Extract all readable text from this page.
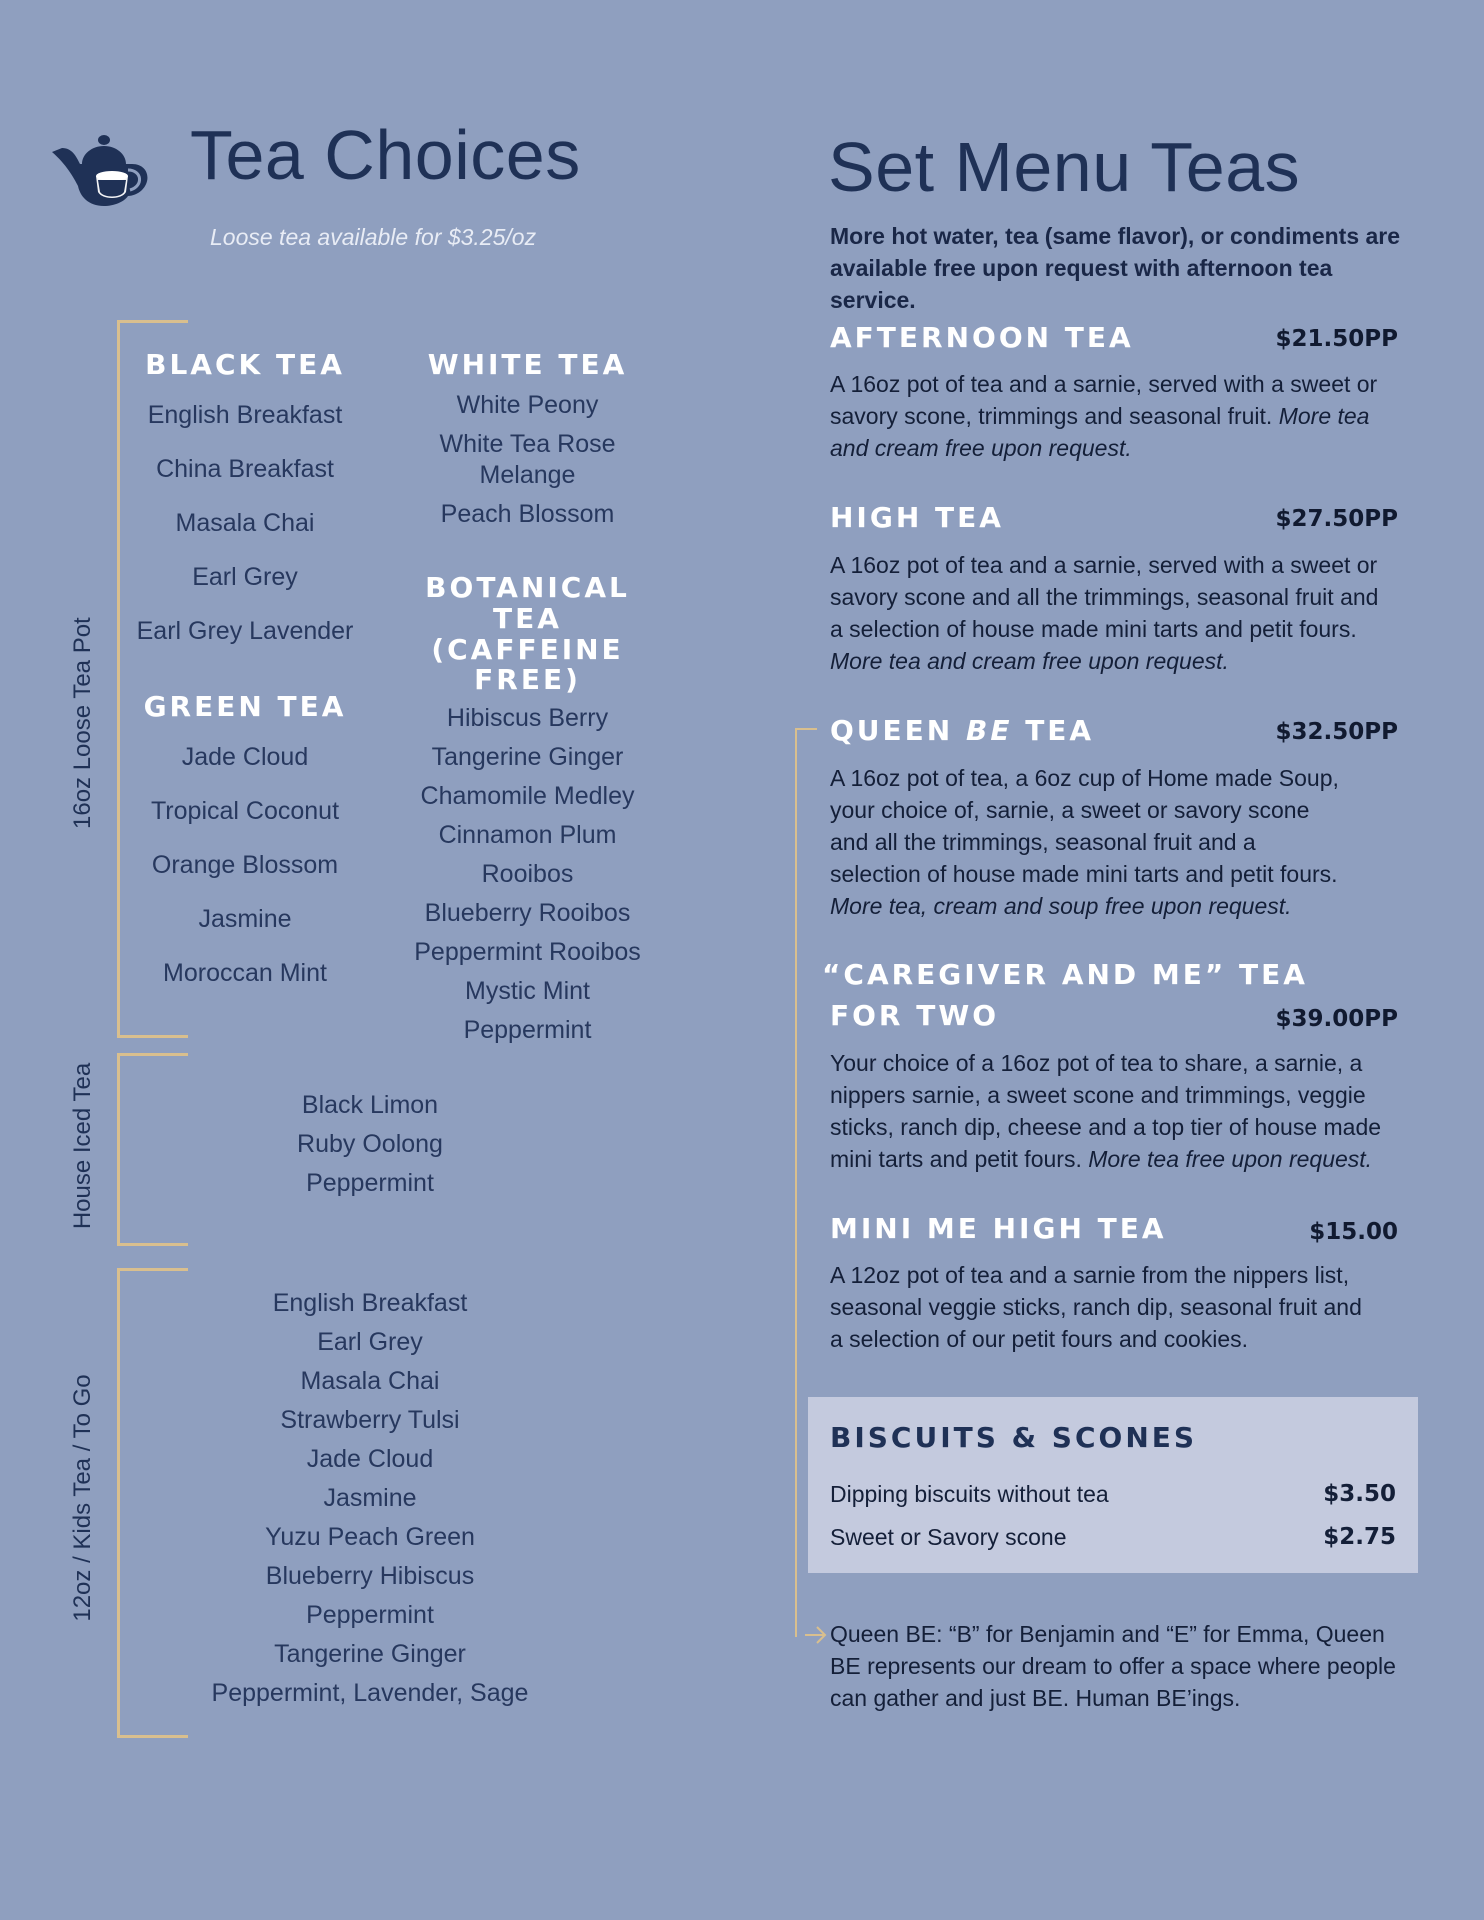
Tea Choices
Loose tea available for $3.25/oz
16oz Loose Tea Pot
BLACK TEA
English Breakfast
China Breakfast
Masala Chai
Earl Grey
Earl Grey Lavender
GREEN TEA
Jade Cloud
Tropical Coconut
Orange Blossom
Jasmine
Moroccan Mint
WHITE TEA
White Peony
White Tea Rose
Melange
Peach Blossom
BOTANICAL TEA
(CAFFEINE FREE)
Hibiscus Berry
Tangerine Ginger
Chamomile Medley
Cinnamon Plum
Rooibos
Blueberry Rooibos
Peppermint Rooibos
Mystic Mint
Peppermint
House Iced Tea	Black Limon
Ruby Oolong
Peppermint
12oz / Kids Tea / To Go
English Breakfast
Earl Grey
Masala Chai
Strawberry Tulsi
Jade Cloud
Jasmine
Yuzu Peach Green
Blueberry Hibiscus
Peppermint
Tangerine Ginger
Peppermint, Lavender, Sage
Set Menu Teas
More hot water, tea (same flavor), or condiments are available free upon request with afternoon tea service.
AFTERNOON TEA	$21.50PP
A 16oz pot of tea and a sarnie, served with a sweet or savory scone, trimmings and seasonal fruit. More tea and cream free upon request.
HIGH TEA	$27.50PP
A 16oz pot of tea and a sarnie, served with a sweet or savory scone and all the trimmings, seasonal fruit and a selection of house made mini tarts and petit fours. More tea and cream free upon request.
QUEEN BE TEA	$32.50PP
A 16oz pot of tea, a 6oz cup of Home made Soup, your choice of, sarnie, a sweet or savory scone and all the trimmings, seasonal fruit and a selection of house made mini tarts and petit fours. More tea, cream and soup free upon request.
“CAREGIVER AND ME” TEA
FOR TWO	$39.00PP
Your choice of a 16oz pot of tea to share, a sarnie, a nippers sarnie, a sweet scone and trimmings, veggie sticks, ranch dip, cheese and a top tier of house made mini tarts and petit fours. More tea free upon request.
MINI ME HIGH TEA	$15.00
A 12oz pot of tea and a sarnie from the nippers list, seasonal veggie sticks, ranch dip, seasonal fruit and a selection of our petit fours and cookies.
BISCUITS & SCONES
Dipping biscuits without tea	$3.50
Sweet or Savory scone	$2.75
Queen BE: “B” for Benjamin and “E” for Emma, Queen BE represents our dream to offer a space where people can gather and just BE. Human BE’ings.
